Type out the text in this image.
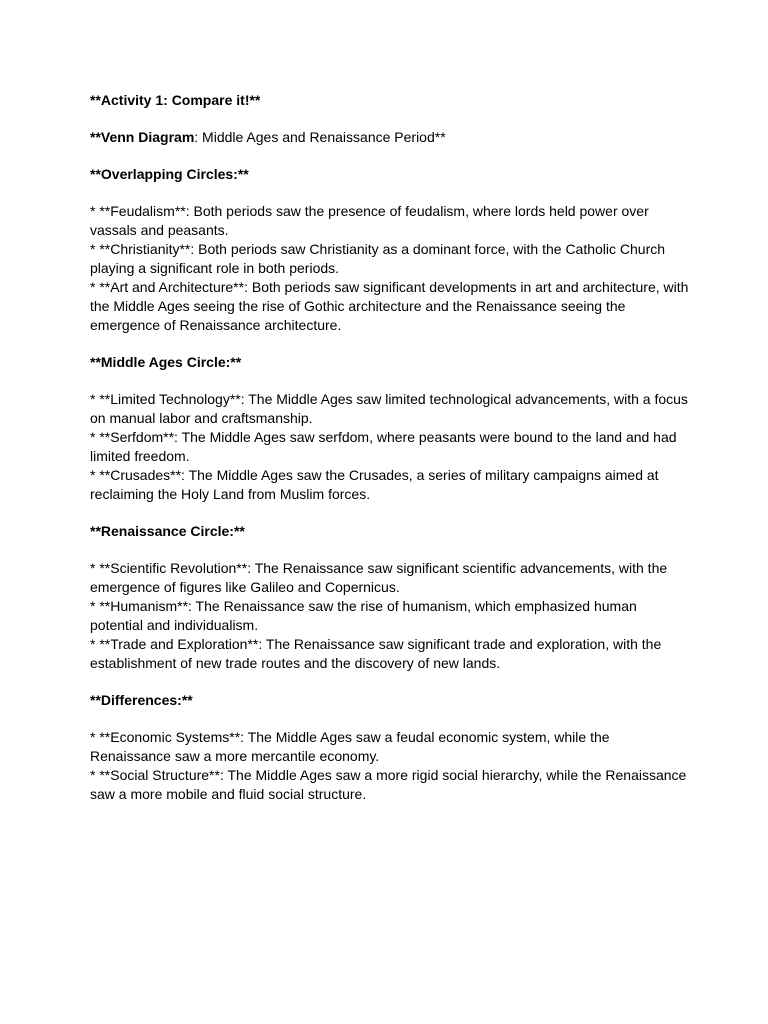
**Activity 1: Compare it!**
**Venn Diagram: Middle Ages and Renaissance Period**
**Overlapping Circles:**

* **Feudalism**: Both periods saw the presence of feudalism, where lords held power over vassals and peasants.

* **Christianity**: Both periods saw Christianity as a dominant force, with the Catholic Church playing a significant role in both periods.

* **Art and Architecture**: Both periods saw significant developments in art and architecture, with the Middle Ages seeing the rise of Gothic architecture and the Renaissance seeing the emergence of Renaissance architecture.

**Middle Ages Circle:**

* **Limited Technology**: The Middle Ages saw limited technological advancements, with a focus on manual labor and craftsmanship.

* **Serfdom**: The Middle Ages saw serfdom, where peasants were bound to the land and had limited freedom.

* **Crusades**: The Middle Ages saw the Crusades, a series of military campaigns aimed at reclaiming the Holy Land from Muslim forces.

**Renaissance Circle:**

* **Scientific Revolution**: The Renaissance saw significant scientific advancements, with the emergence of figures like Galileo and Copernicus.

* **Humanism**: The Renaissance saw the rise of humanism, which emphasized human potential and individualism.

* **Trade and Exploration**: The Renaissance saw significant trade and exploration, with the establishment of new trade routes and the discovery of new lands.

**Differences:**

* **Economic Systems**: The Middle Ages saw a feudal economic system, while the Renaissance saw a more mercantile economy.

* **Social Structure**: The Middle Ages saw a more rigid social hierarchy, while the Renaissance saw a more mobile and fluid social structure.
